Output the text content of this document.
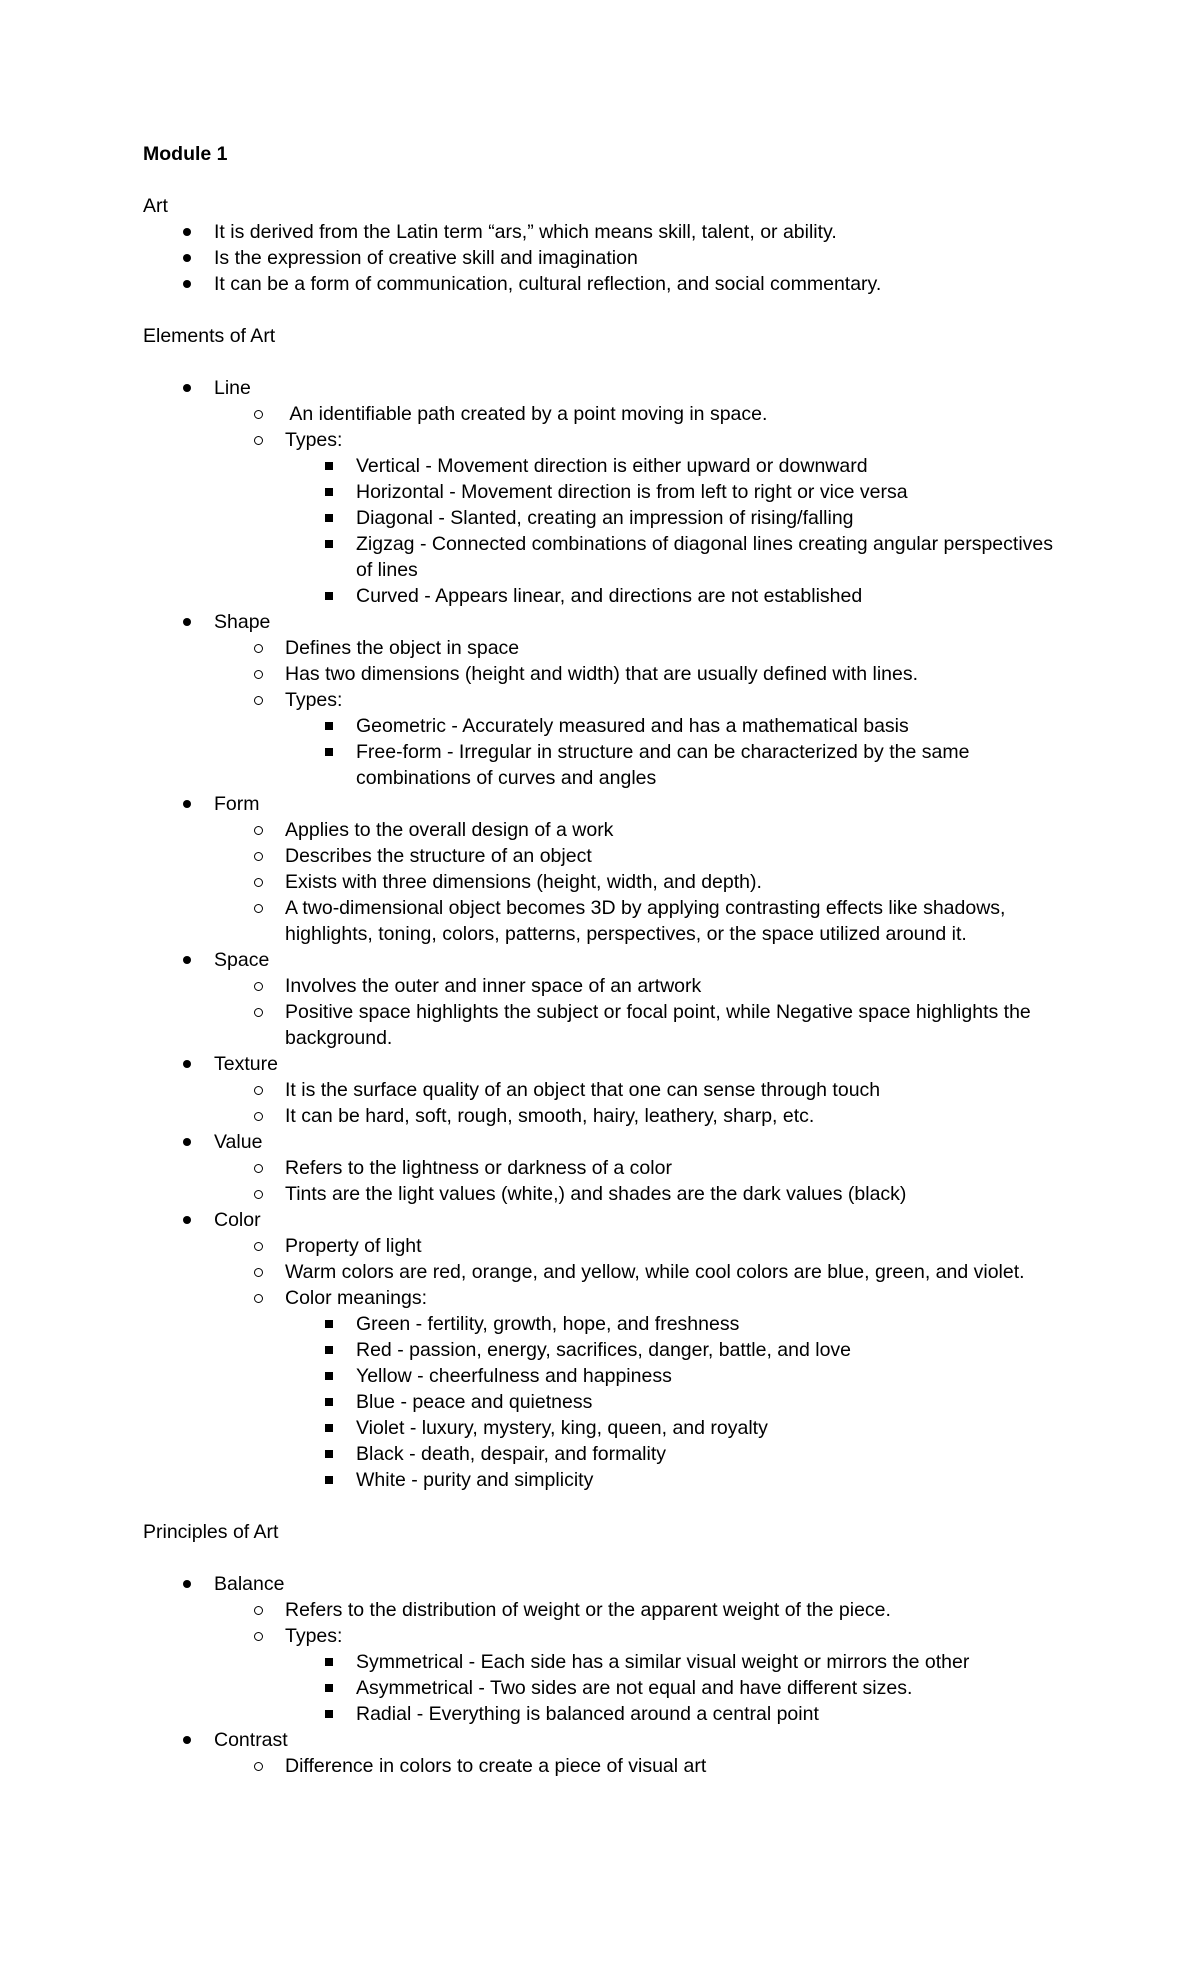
Module 1
Art
It is derived from the Latin term “ars,” which means skill, talent, or ability.
Is the expression of creative skill and imagination
It can be a form of communication, cultural reflection, and social commentary.
Elements of Art
Line
An identifiable path created by a point moving in space.
Types:
Vertical - Movement direction is either upward or downward
Horizontal - Movement direction is from left to right or vice versa
Diagonal - Slanted, creating an impression of rising/falling
Zigzag - Connected combinations of diagonal lines creating angular perspectives of lines
Curved - Appears linear, and directions are not established
Shape
Defines the object in space
Has two dimensions (height and width) that are usually defined with lines.
Types:
Geometric - Accurately measured and has a mathematical basis
Free-form - Irregular in structure and can be characterized by the same combinations of curves and angles
Form
Applies to the overall design of a work
Describes the structure of an object
Exists with three dimensions (height, width, and depth).
A two-dimensional object becomes 3D by applying contrasting effects like shadows, highlights, toning, colors, patterns, perspectives, or the space utilized around it.
Space
Involves the outer and inner space of an artwork
Positive space highlights the subject or focal point, while Negative space highlights the background.
Texture
It is the surface quality of an object that one can sense through touch
It can be hard, soft, rough, smooth, hairy, leathery, sharp, etc.
Value
Refers to the lightness or darkness of a color
Tints are the light values (white,) and shades are the dark values (black)
Color
Property of light
Warm colors are red, orange, and yellow, while cool colors are blue, green, and violet.
Color meanings:
Green - fertility, growth, hope, and freshness
Red - passion, energy, sacrifices, danger, battle, and love
Yellow - cheerfulness and happiness
Blue - peace and quietness
Violet - luxury, mystery, king, queen, and royalty
Black - death, despair, and formality
White - purity and simplicity
Principles of Art
Balance
Refers to the distribution of weight or the apparent weight of the piece.
Types:
Symmetrical - Each side has a similar visual weight or mirrors the other
Asymmetrical - Two sides are not equal and have different sizes.
Radial - Everything is balanced around a central point
Contrast
Difference in colors to create a piece of visual art
